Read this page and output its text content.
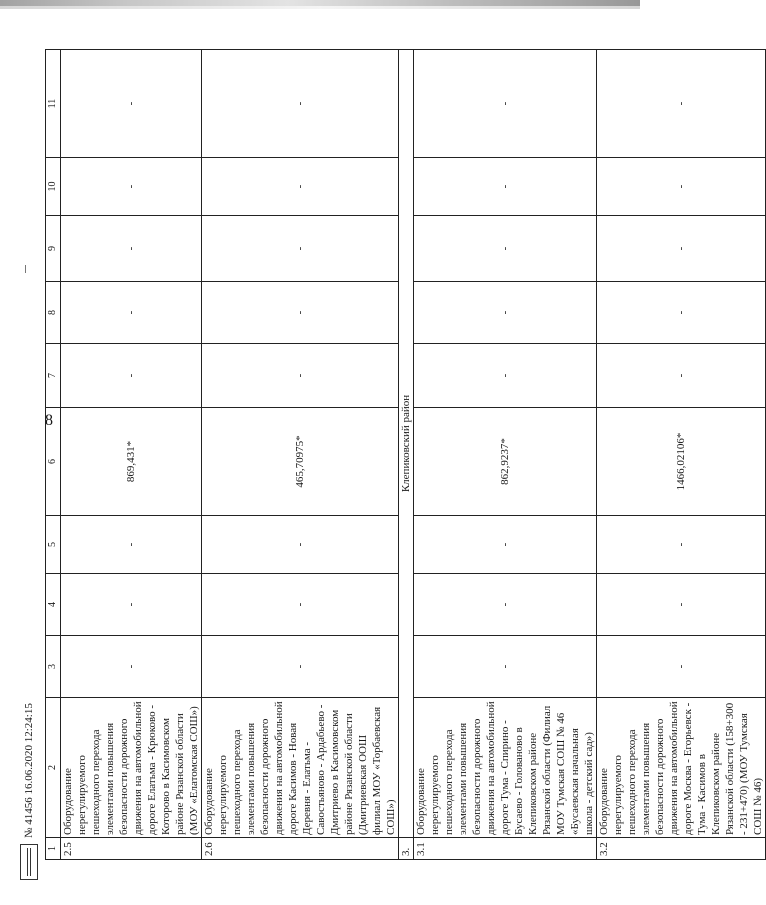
8
1	2	3	4	5	6	7	8	9	10	11
2.5	Оборудование нерегулируемого пешеходного перехода элементами повышения безопасности дорожного движения на автомобильной дороге Елатьма - Крюково - Которово в Касимовском районе Рязанской области (МОУ «Елатомская СОШ»)	-	-	-	869,431*	-	-	-	-	-
2.6	Оборудование нерегулируемого пешеходного перехода элементами повышения безопасности дорожного движения на автомобильной дороге Касимов - Новая Деревня - Елатьма - Савостьяново - Ардабьево - Дмитриево в Касимовском районе Рязанской области (Дмитриевская ООШ филиал МОУ «Торбаевская СОШ»)	-	-	-	465,70975*	-	-	-	-	-
3.	Клепиковский район									
3.1	Оборудование нерегулируемого пешеходного перехода элементами повышения безопасности дорожного движения на автомобильной дороге Тума - Спирино - Бусаево - Голованово в Клепиковском районе Рязанской области (Филиал МОУ Тумская СОШ № 46 «Бусаевская начальная школа - детский сад»)	-	-	-	862,9237*	-	-	-	-	-
3.2	Оборудование нерегулируемого пешеходного перехода элементами повышения безопасности дорожного движения на автомобильной дороге Москва - Егорьевск - Тума - Касимов в Клепиковском районе Рязанской области (158+300 - 231+470) (МОУ Тумская СОШ № 46)	-	-	-	1466,02106*	-	-	-	-	-
№ 41456 16.06.2020 12:24:15
